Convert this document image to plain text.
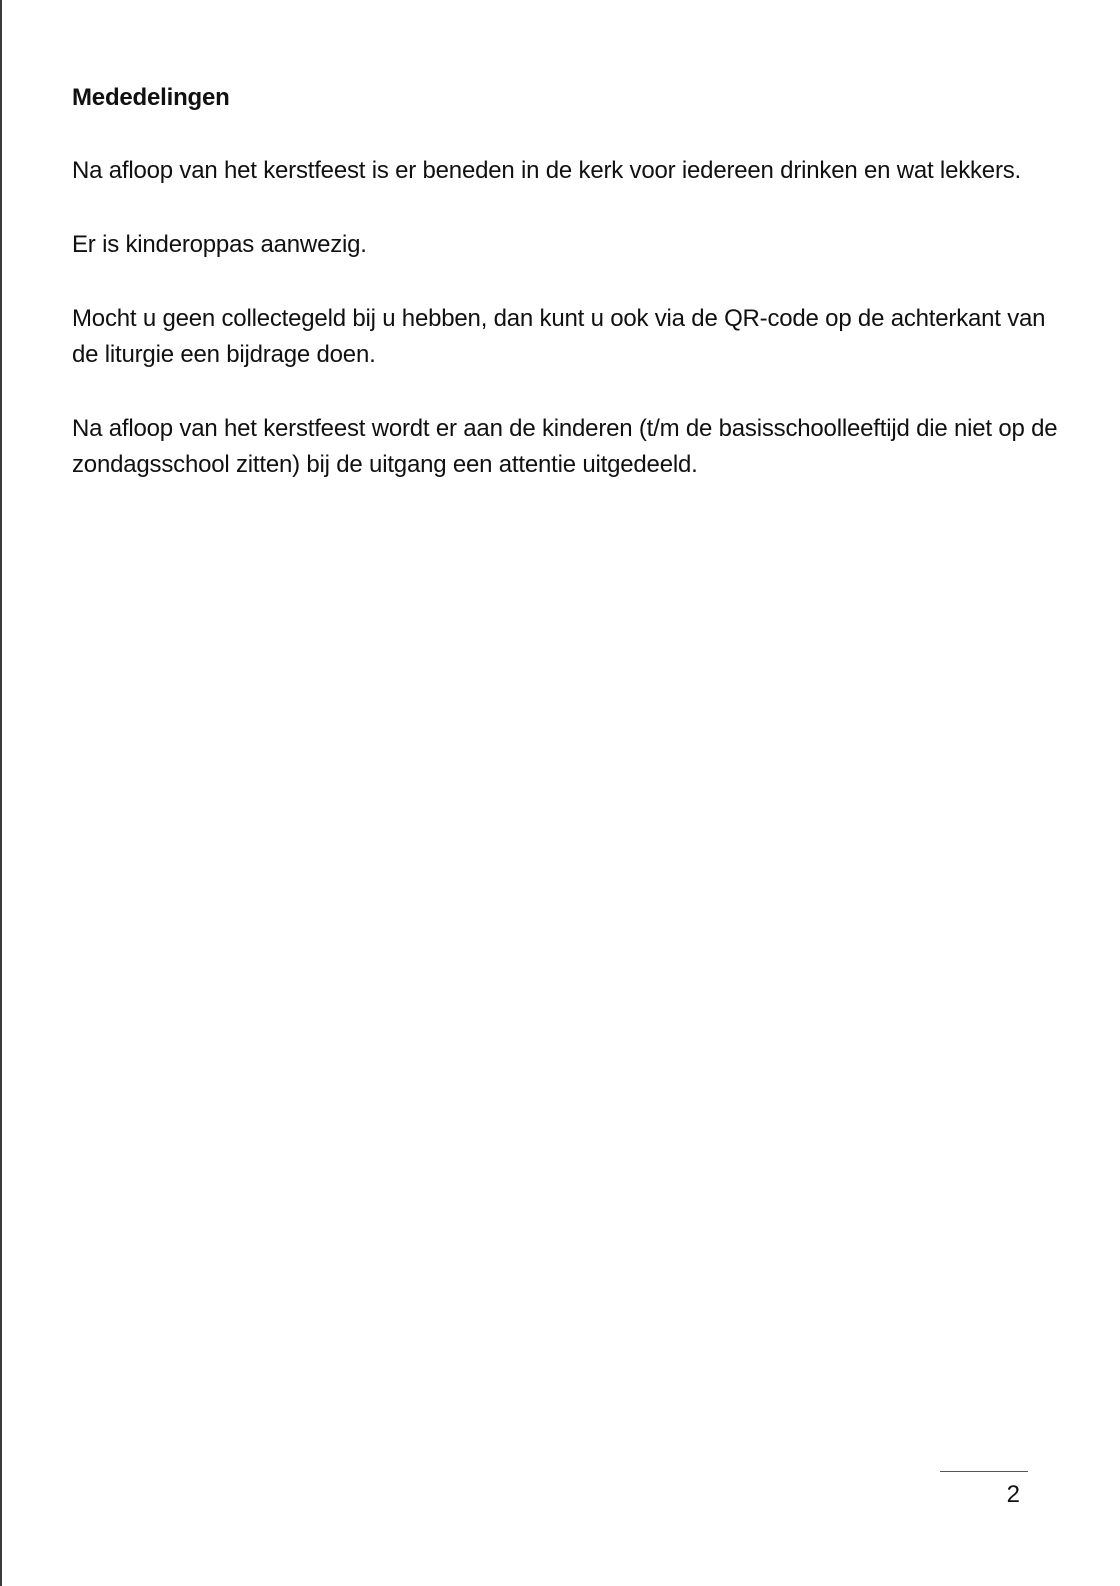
Mededelingen

Na afloop van het kerstfeest is er beneden in de kerk voor iedereen drinken en wat lekkers.

Er is kinderoppas aanwezig.

Mocht u geen collectegeld bij u hebben, dan kunt u ook via de QR-code op de achterkant van de liturgie een bijdrage doen.

Na afloop van het kerstfeest wordt er aan de kinderen (t/m de basisschoolleeftijd die niet op de zondagsschool zitten) bij de uitgang een attentie uitgedeeld.

2
